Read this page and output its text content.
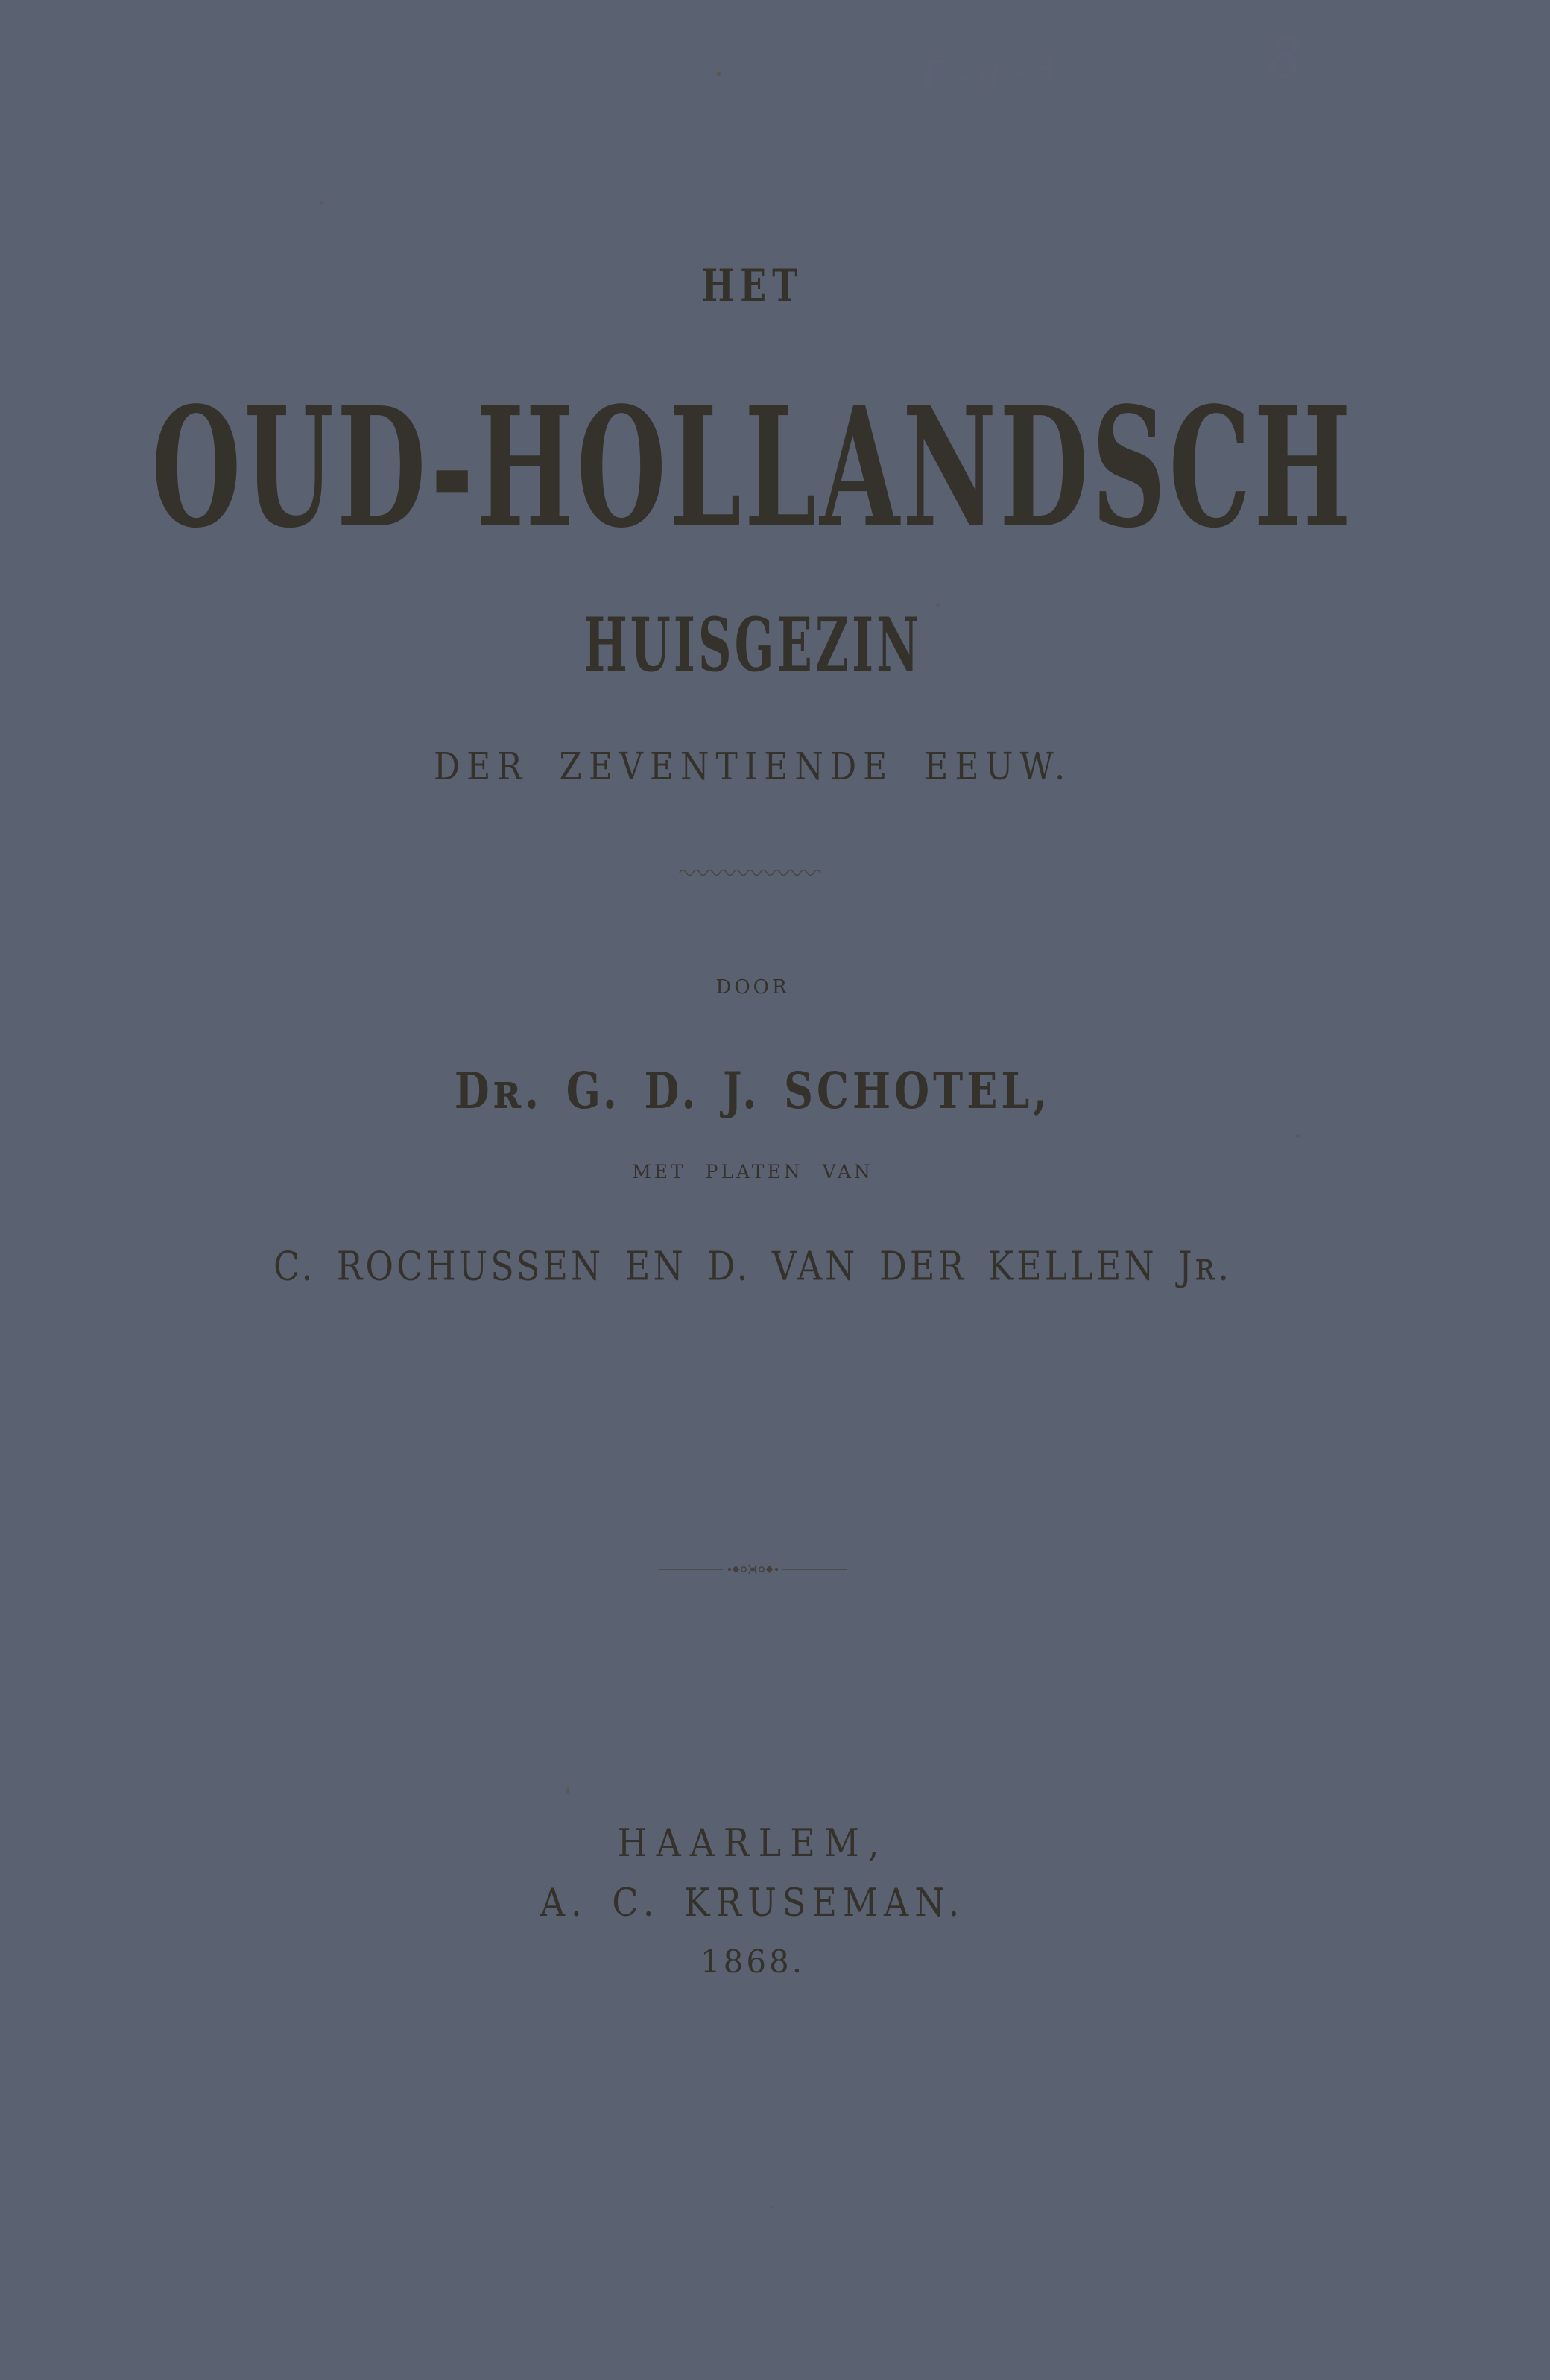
F-a-3.	8-
HET
OUD-HOLLANDSCH
HUISGEZIN
DER ZEVENTIENDE EEUW.
DOOR
Dʀ. G. D. J. SCHOTEL,
MET PLATEN VAN
C. ROCHUSSEN EN D. VAN DER KELLEN Jʀ.
HAARLEM,
A. C. KRUSEMAN.
1868.
